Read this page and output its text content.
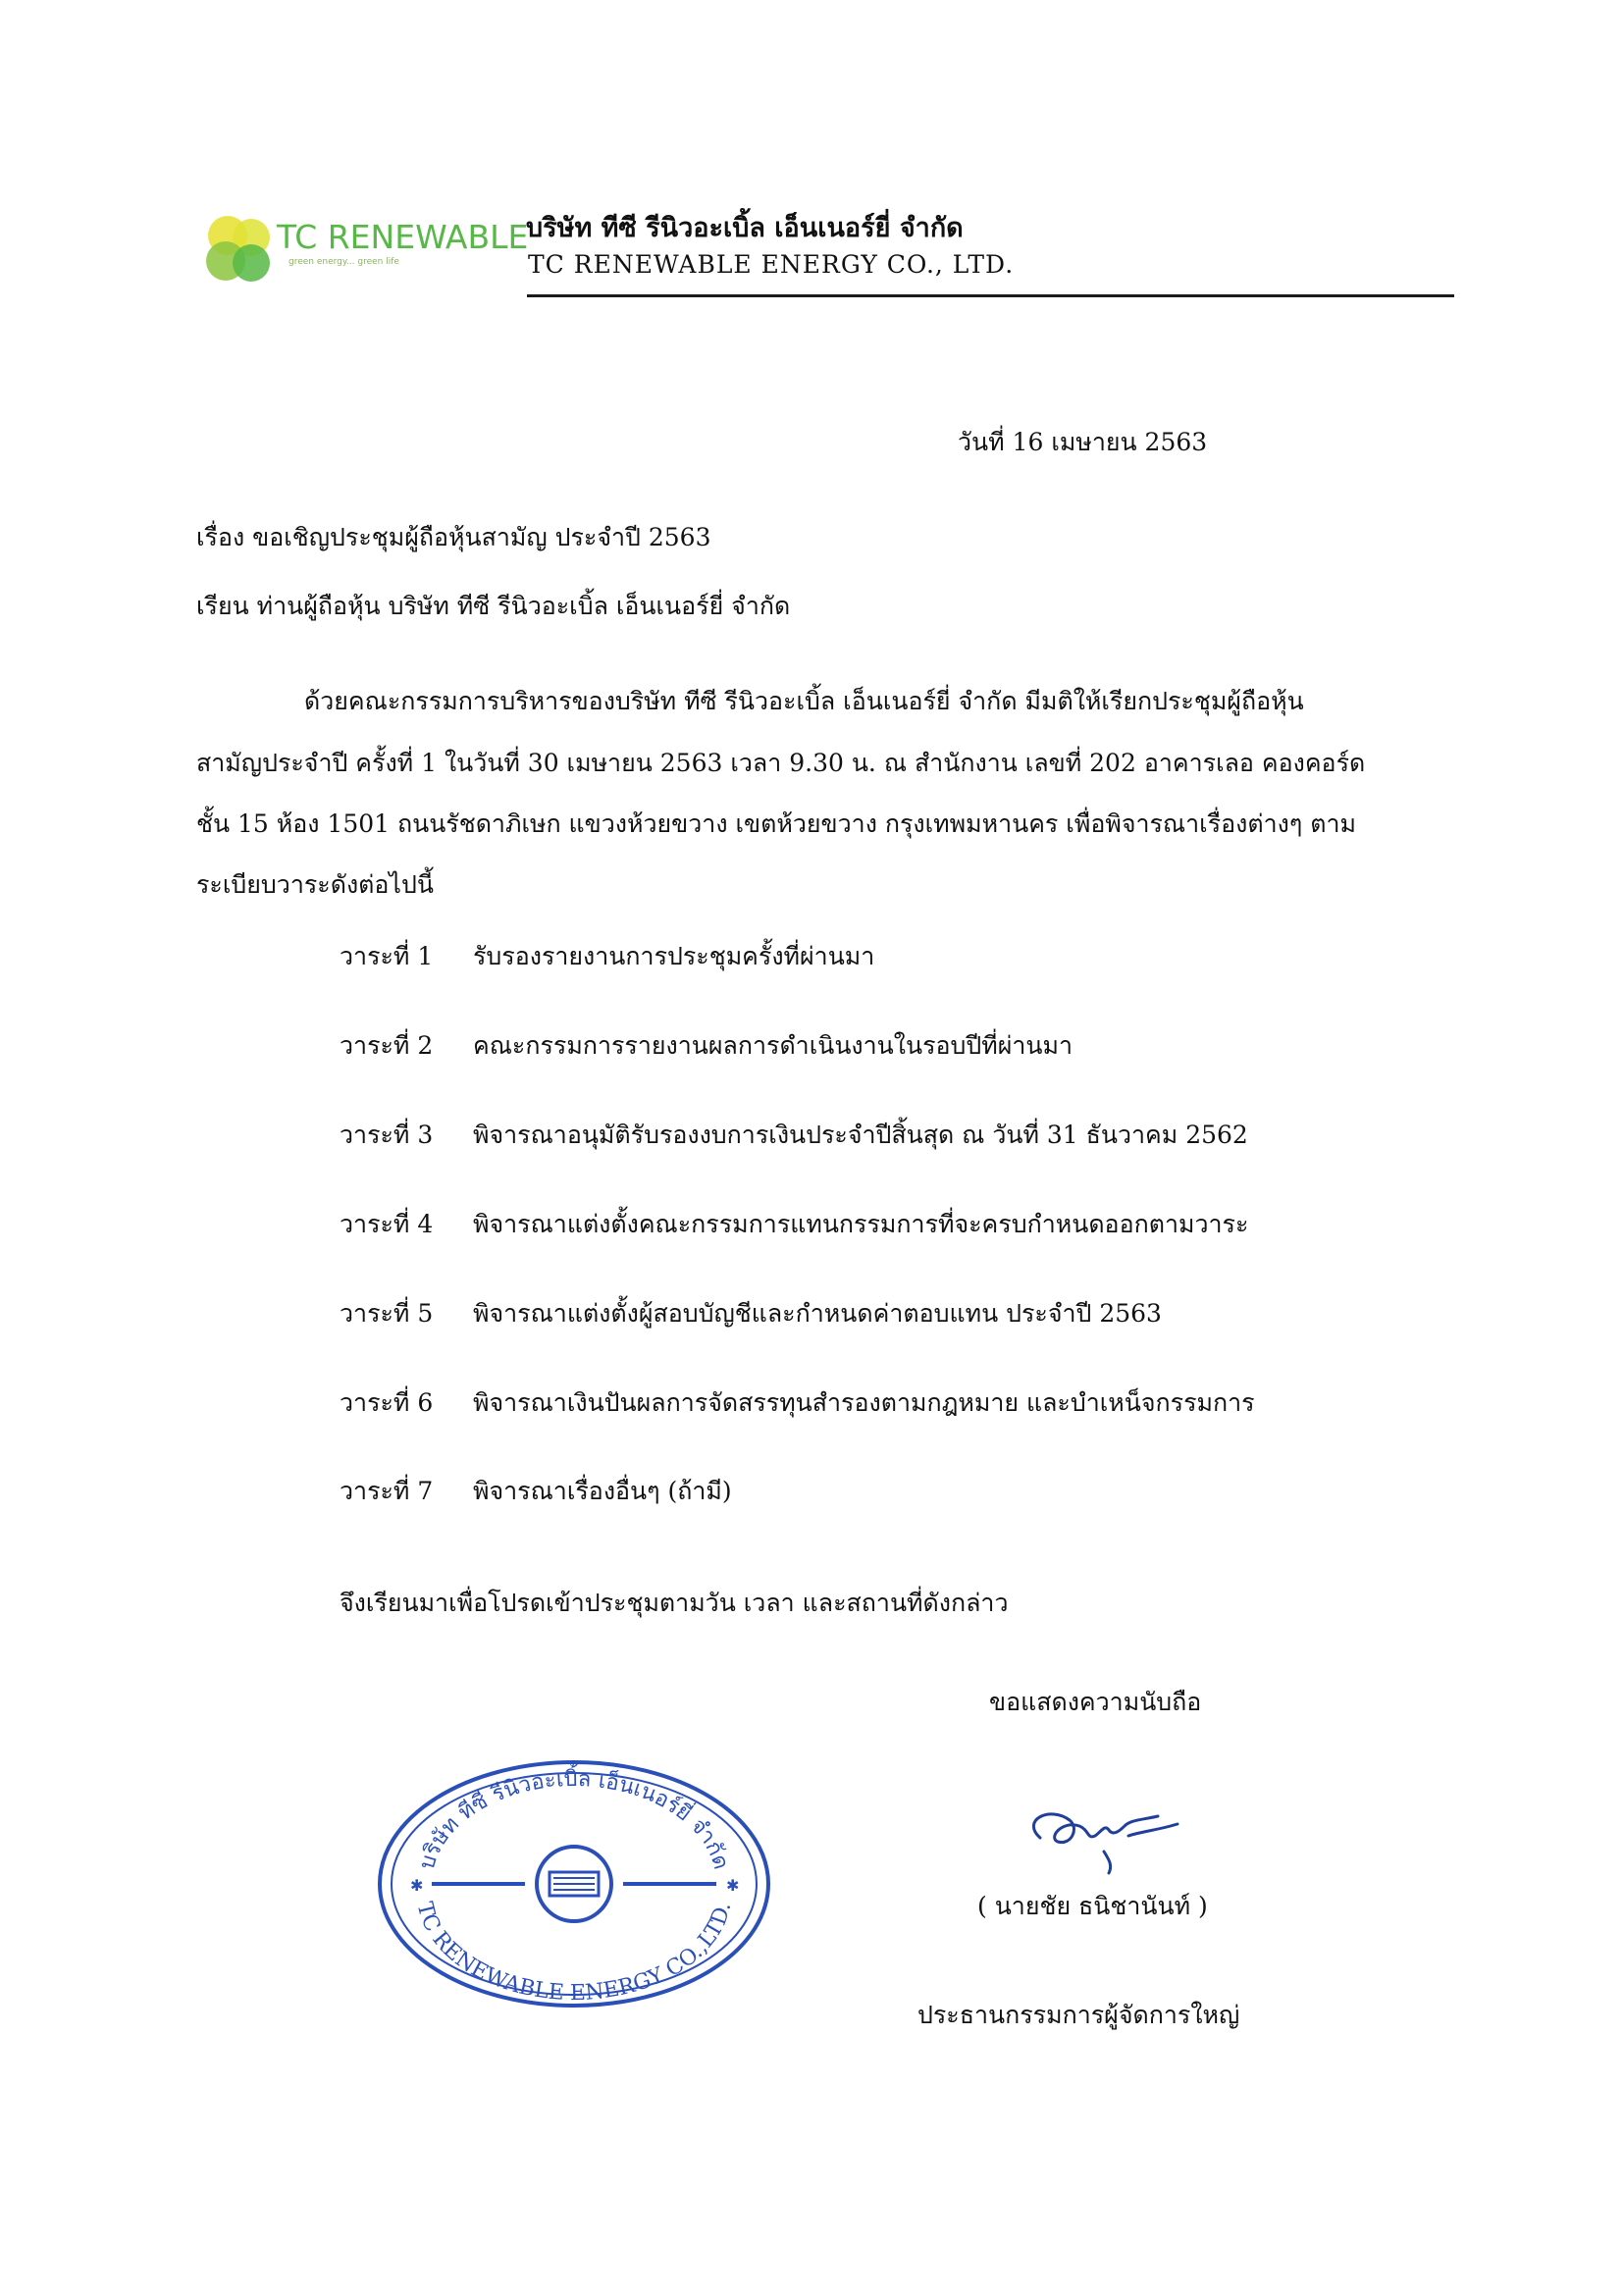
TC RENEWABLE
green energy... green life
บริษัท ทีซี รีนิวอะเบิ้ล เอ็นเนอร์ยี่ จำกัด
TC RENEWABLE ENERGY CO., LTD.
วันที่ 16 เมษายน 2563
เรื่อง ขอเชิญประชุมผู้ถือหุ้นสามัญ ประจำปี 2563
เรียน ท่านผู้ถือหุ้น บริษัท ทีซี รีนิวอะเบิ้ล เอ็นเนอร์ยี่ จำกัด
ด้วยคณะกรรมการบริหารของบริษัท ทีซี รีนิวอะเบิ้ล เอ็นเนอร์ยี่ จำกัด มีมติให้เรียกประชุมผู้ถือหุ้น
สามัญประจำปี ครั้งที่ 1 ในวันที่ 30 เมษายน 2563 เวลา 9.30 น. ณ สำนักงาน เลขที่ 202 อาคารเลอ คองคอร์ด
ชั้น 15 ห้อง 1501 ถนนรัชดาภิเษก แขวงห้วยขวาง เขตห้วยขวาง กรุงเทพมหานคร เพื่อพิจารณาเรื่องต่างๆ ตาม
ระเบียบวาระดังต่อไปนี้
วาระที่ 1 รับรองรายงานการประชุมครั้งที่ผ่านมา
วาระที่ 2 คณะกรรมการรายงานผลการดำเนินงานในรอบปีที่ผ่านมา
วาระที่ 3 พิจารณาอนุมัติรับรองงบการเงินประจำปีสิ้นสุด ณ วันที่ 31 ธันวาคม 2562
วาระที่ 4 พิจารณาแต่งตั้งคณะกรรมการแทนกรรมการที่จะครบกำหนดออกตามวาระ
วาระที่ 5 พิจารณาแต่งตั้งผู้สอบบัญชีและกำหนดค่าตอบแทน ประจำปี 2563
วาระที่ 6 พิจารณาเงินปันผลการจัดสรรทุนสำรองตามกฎหมาย และบำเหน็จกรรมการ
วาระที่ 7 พิจารณาเรื่องอื่นๆ (ถ้ามี)
จึงเรียนมาเพื่อโปรดเข้าประชุมตามวัน เวลา และสถานที่ดังกล่าว
ขอแสดงความนับถือ
( นายชัย ธนิชานันท์ )
ประธานกรรมการผู้จัดการใหญ่
บริษัท ทีซี รีนิวอะเบิ้ล เอ็นเนอร์ยี่ จำกัด
TC RENEWABLE ENERGY CO.,LTD.
✱	✱
